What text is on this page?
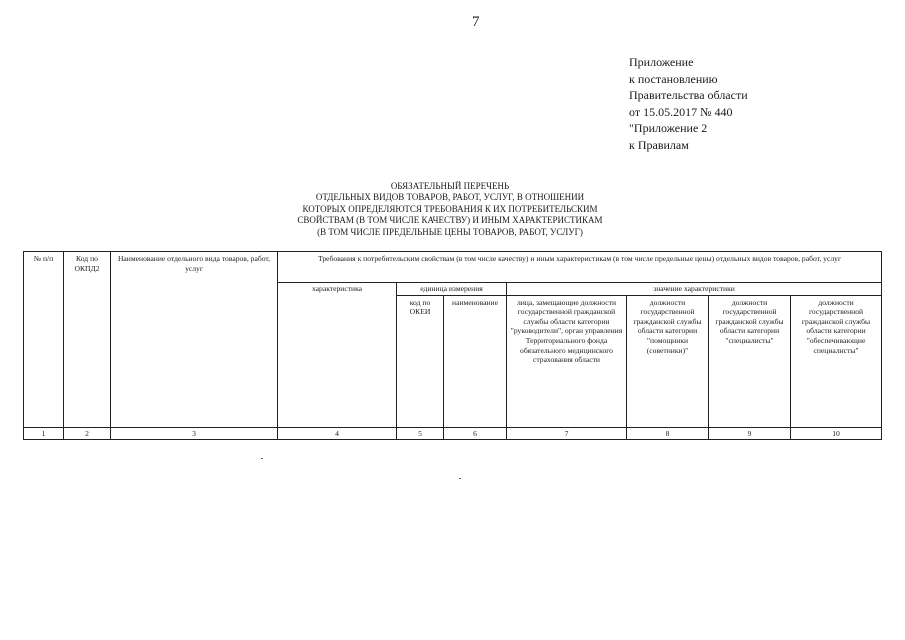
7
Приложение
к постановлению
Правительства области
от 15.05.2017 № 440
"Приложение 2
к Правилам
ОБЯЗАТЕЛЬНЫЙ ПЕРЕЧЕНЬ
ОТДЕЛЬНЫХ ВИДОВ ТОВАРОВ, РАБОТ, УСЛУГ, В ОТНОШЕНИИ
КОТОРЫХ ОПРЕДЕЛЯЮТСЯ ТРЕБОВАНИЯ К ИХ ПОТРЕБИТЕЛЬСКИМ
СВОЙСТВАМ (В ТОМ ЧИСЛЕ КАЧЕСТВУ) И ИНЫМ ХАРАКТЕРИСТИКАМ
(В ТОМ ЧИСЛЕ ПРЕДЕЛЬНЫЕ ЦЕНЫ ТОВАРОВ, РАБОТ, УСЛУГ)
№ п/п	Код по ОКПД2	Наименование отдельного вида товаров, работ, услуг	Требования к потребительским свойствам (в том числе качеству) и иным характеристикам (в том числе предельные цены) отдельных видов товаров, работ, услуг						
			характеристика	единица измерения		значение характеристики			
				код по ОКЕИ	наименование	лица, замещающие должности государственной гражданской службы области категории "руководители", орган управления Территориального фонда обязательного медицинского страхования области	должности государственной гражданской службы области категории "помощники (советники)"	должности государственной гражданской службы области категории "специалисты"	должности государственной гражданской службы области категории "обеспечивающие специалисты"
1	2	3	4	5	6	7	8	9	10
